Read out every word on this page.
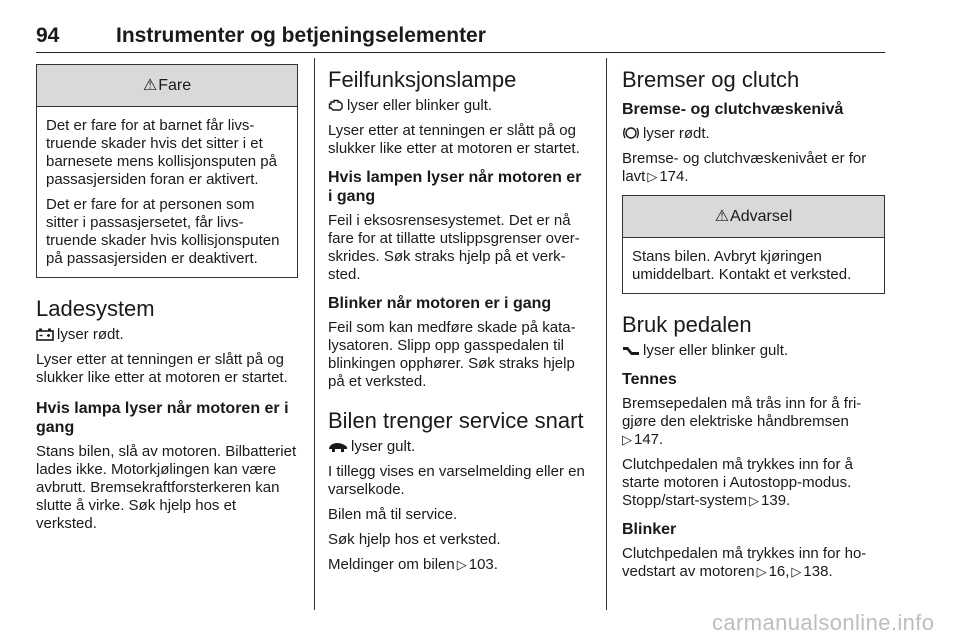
94	Instrumenter og betjeningselementer
⚠Fare

Det er fare for at barnet får livstruende skader hvis det sitter i et barnesete mens kollisjonsputen på passasjersiden foran er aktivert.

Det er fare for at personen som sitter i passasjersetet, får livstruende skader hvis kollisjonsputen på passasjersiden er deaktivert.

Ladesystem

lyser rødt.

Lyser etter at tenningen er slått på og slukker like etter at motoren er startet.

Hvis lampa lyser når motoren er i gang

Stans bilen, slå av motoren. Bilbatteriet lades ikke. Motorkjølingen kan være avbrutt. Bremsekraftforsterkeren kan slutte å virke. Søk hjelp hos et verksted.

Feilfunksjonslampe

lyser eller blinker gult.

Lyser etter at tenningen er slått på og slukker like etter at motoren er startet.

Hvis lampen lyser når motoren er i gang

Feil i eksosrensesystemet. Det er nå fare for at tillatte utslippsgrenser overskrides. Søk straks hjelp på et verksted.

Blinker når motoren er i gang

Feil som kan medføre skade på katalysatoren. Slipp opp gasspedalen til blinkingen opphører. Søk straks hjelp på et verksted.

Bilen trenger service snart

lyser gult.

I tillegg vises en varselmelding eller en varselkode.

Bilen må til service.

Søk hjelp hos et verksted.

Meldinger om bilen ▷ 103.

Bremser og clutch
Bremse- og clutchvæskenivå

lyser rødt.

Bremse- og clutchvæskenivået er for lavt ▷ 174.

⚠Advarsel

Stans bilen. Avbryt kjøringen umiddelbart. Kontakt et verksted.

Bruk pedalen

lyser eller blinker gult.

Tennes

Bremsepedalen må trås inn for å frigjøre den elektriske håndbremsen
▷ 147.

Clutchpedalen må trykkes inn for å starte motoren i Autostopp-modus. Stopp/start-system ▷ 139.

Blinker

Clutchpedalen må trykkes inn for hovedstart av motoren ▷ 16, ▷ 138.

carmanualsonline.info
